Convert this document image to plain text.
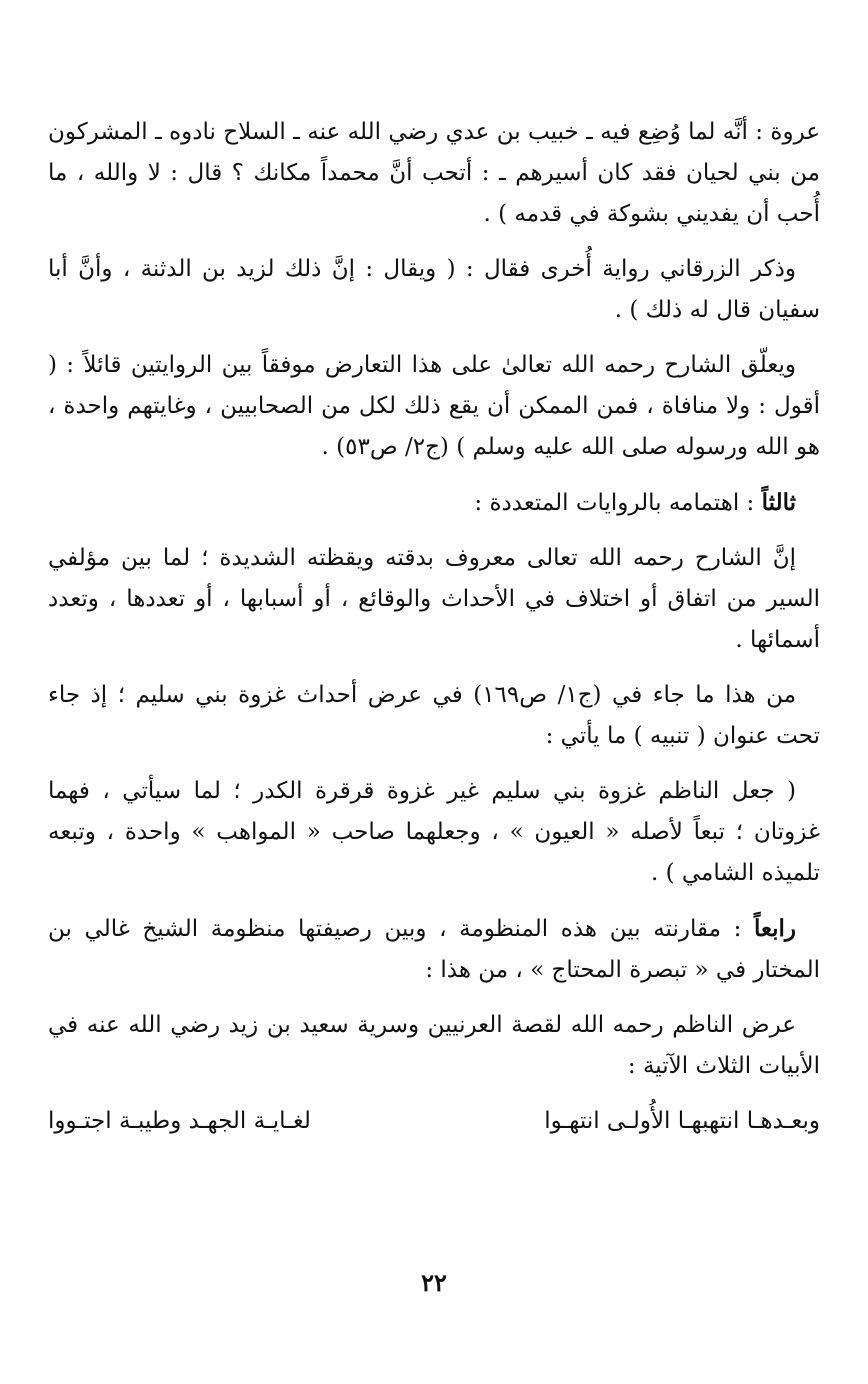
عروة : أنَّه لما وُضِع فيه ـ خبيب بن عدي رضي الله عنه ـ السلاح نادوه ـ المشركون من بني لحيان فقد كان أسيرهم ـ : أتحب أنَّ محمداً مكانك ؟ قال : لا والله ، ما أُحب أن يفديني بشوكة في قدمه ) .

وذكر الزرقاني رواية أُخرى فقال : ( ويقال : إنَّ ذلك لزيد بن الدثنة ، وأنَّ أبا سفيان قال له ذلك ) .

ويعلّق الشارح رحمه الله تعالىٰ على هذا التعارض موفقاً بين الروايتين قائلاً : ( أقول : ولا منافاة ، فمن الممكن أن يقع ذلك لكل من الصحابيين ، وغايتهم واحدة ، هو الله ورسوله صلى الله عليه وسلم ) (ج٢/ ص٥٣) .

ثالثاً : اهتمامه بالروايات المتعددة :

إنَّ الشارح رحمه الله تعالى معروف بدقته ويقظته الشديدة ؛ لما بين مؤلفي السير من اتفاق أو اختلاف في الأحداث والوقائع ، أو أسبابها ، أو تعددها ، وتعدد أسمائها .

من هذا ما جاء في (ج١/ ص١٦٩) في عرض أحداث غزوة بني سليم ؛ إذ جاء تحت عنوان ( تنبيه ) ما يأتي :

( جعل الناظم غزوة بني سليم غير غزوة قرقرة الكدر ؛ لما سيأتي ، فهما غزوتان ؛ تبعاً لأصله « العيون » ، وجعلهما صاحب « المواهب » واحدة ، وتبعه تلميذه الشامي ) .

رابعاً : مقارنته بين هذه المنظومة ، وبين رصيفتها منظومة الشيخ غالي بن المختار في « تبصرة المحتاج » ، من هذا :

عرض الناظم رحمه الله لقصة العرنيين وسرية سعيد بن زيد رضي الله عنه في الأبيات الثلاث الآتية :

وبعـدهـا انتهبهـا الأُولـى انتهـوا
لغـايـة الجهـد وطيبـة اجتـووا
٢٢
